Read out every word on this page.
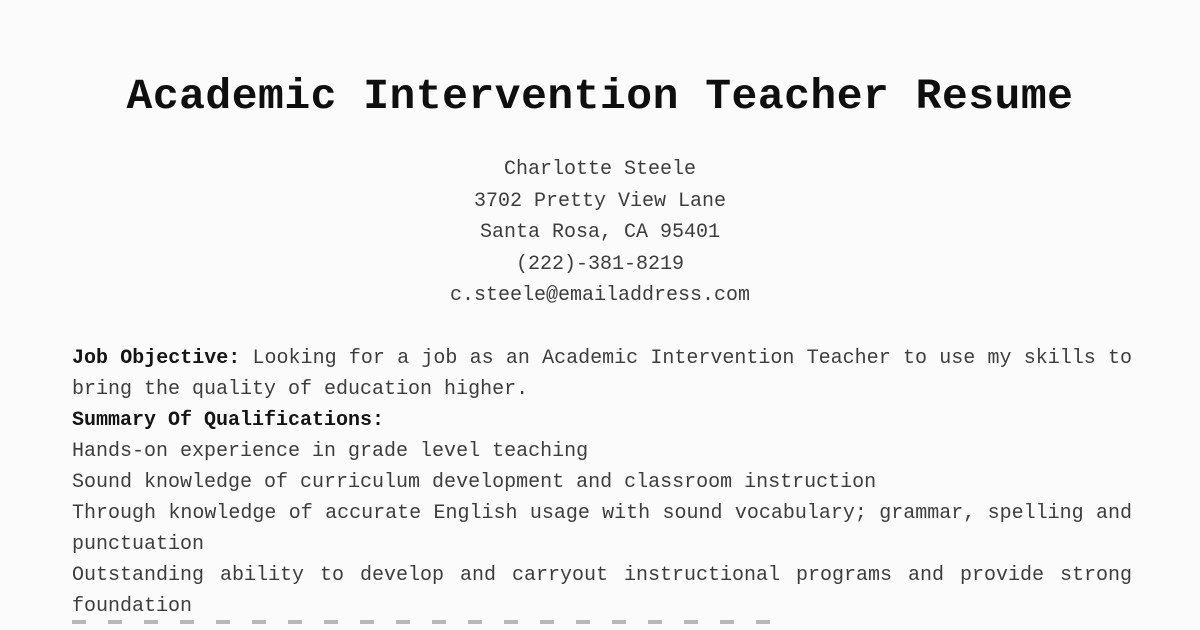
Academic Intervention Teacher Resume
Charlotte Steele
3702 Pretty View Lane
Santa Rosa, CA 95401
(222)-381-8219
c.steele@emailaddress.com

Job Objective: Looking for a job as an Academic Intervention Teacher to use my skills to bring the quality of education higher.

Summary Of Qualifications:

Hands-on experience in grade level teaching

Sound knowledge of curriculum development and classroom instruction

Through knowledge of accurate English usage with sound vocabulary; grammar, spelling and punctuation

Outstanding ability to develop and carryout instructional programs and provide strong foundation
